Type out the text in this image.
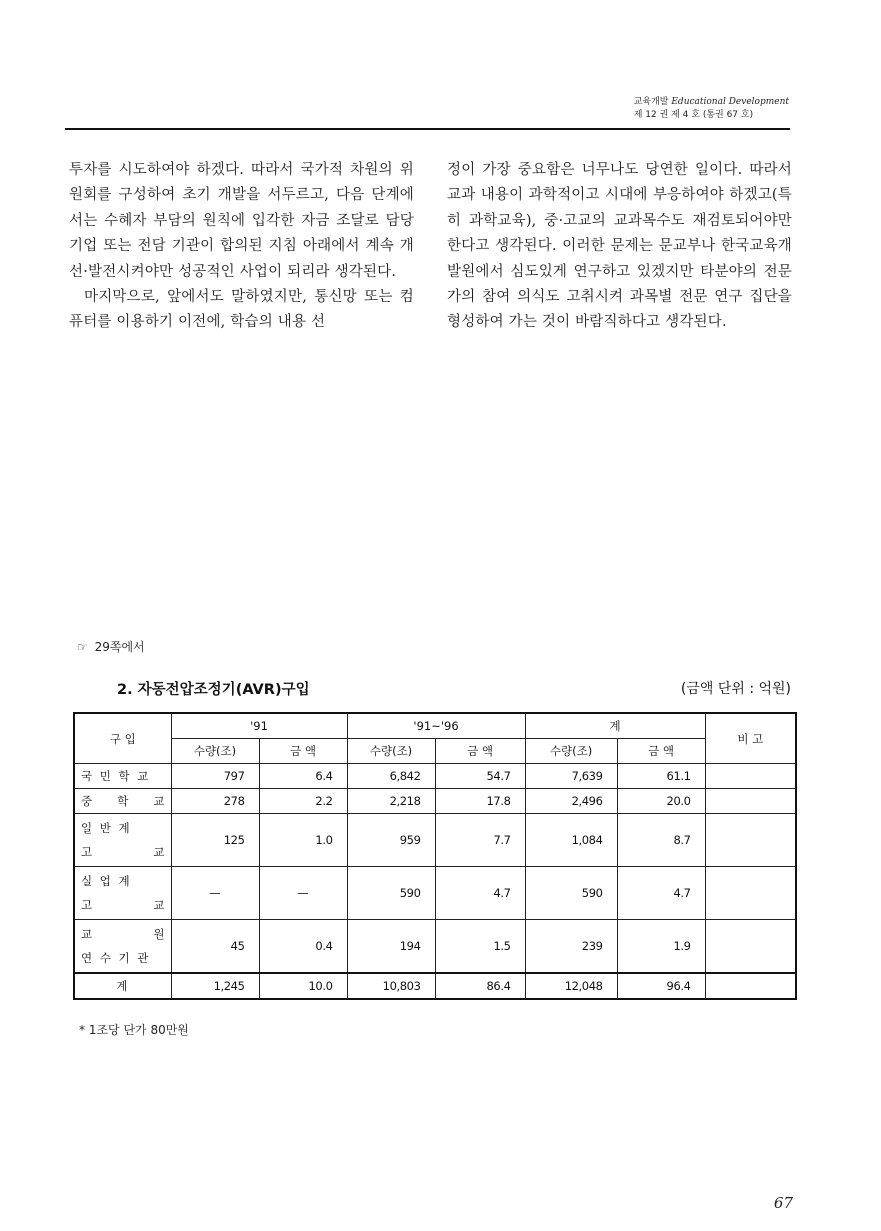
교육개발 Educational Development
제 12 권 제 4 호 (통권 67 호)

투자를 시도하여야 하겠다. 따라서 국가적 차원의 위원회를 구성하여 초기 개발을 서두르고, 다음 단계에서는 수혜자 부담의 원칙에 입각한 자금 조달로 담당 기업 또는 전담 기관이 합의된 지침 아래에서 계속 개선·발전시켜야만 성공적인 사업이 되리라 생각된다.

마지막으로, 앞에서도 말하였지만, 통신망 또는 컴퓨터를 이용하기 이전에, 학습의 내용 선

정이 가장 중요함은 너무나도 당연한 일이다. 따라서 교과 내용이 과학적이고 시대에 부응하여야 하겠고(특히 과학교육), 중·고교의 교과목수도 재검토되어야만 한다고 생각된다. 이러한 문제는 문교부나 한국교육개발원에서 심도있게 연구하고 있겠지만 타분야의 전문가의 참여 의식도 고취시켜 과목별 전문 연구 집단을 형성하여 가는 것이 바람직하다고 생각된다.

☞ 29쪽에서
2. 자동전압조정기(AVR)구입	(금액 단위 : 억원)
구 입	'91		'91~'96		계		비 고
	수량(조)	금 액	수량(조)	금 액	수량(조)	금 액	
국 민 학 교	797	6.4	6,842	54.7	7,639	61.1	

중 학 교	278	2.2	2,218	17.8	2,496	20.0	

일 반 계
고 교	125	1.0	959	7.7	1,084	8.7	

실 업 계
고 교	—	—	590	4.7	590	4.7	

교 원
연 수 기 관	45	0.4	194	1.5	239	1.9	
계	1,245	10.0	10,803	86.4	12,048	96.4	
* 1조당 단가 80만원
67
